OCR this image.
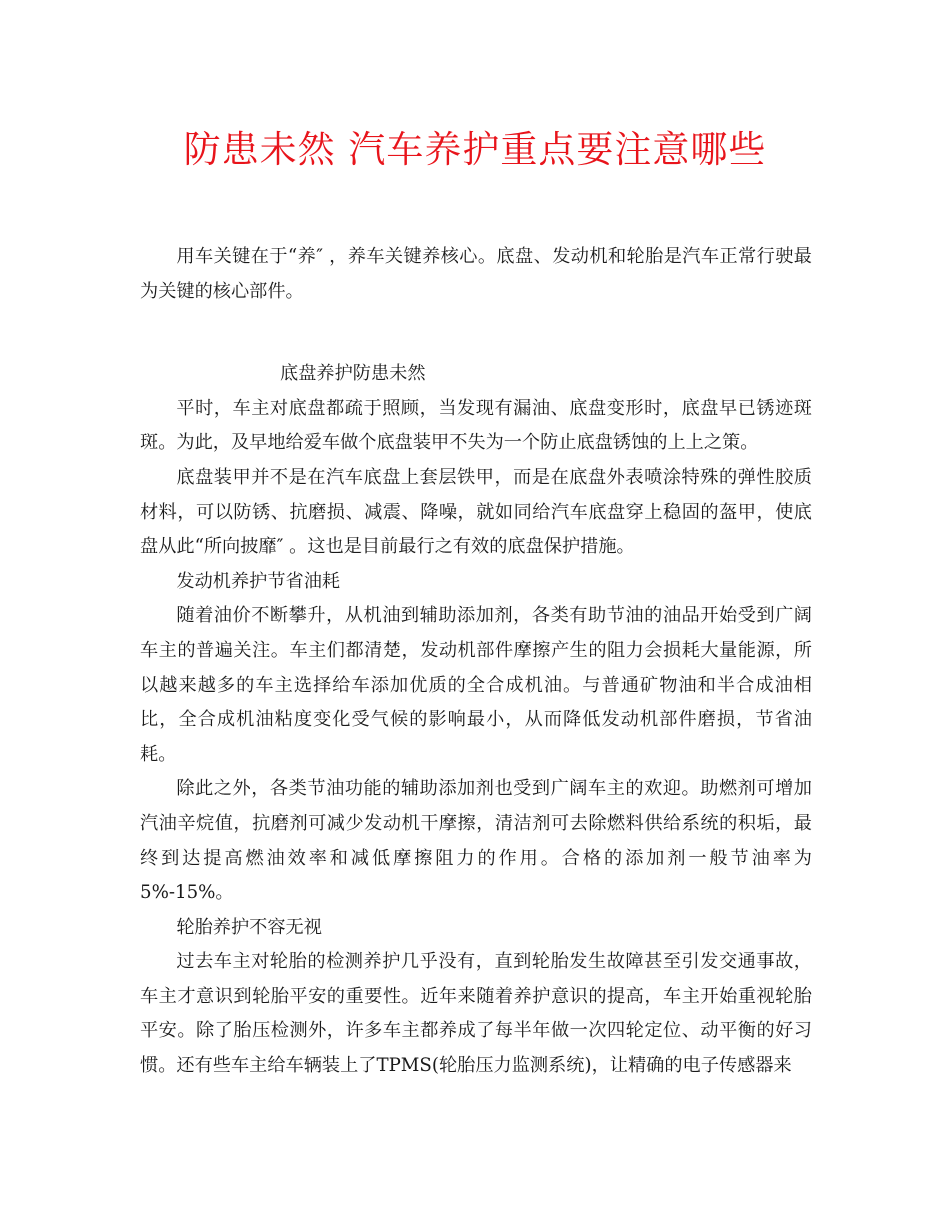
防患未然 汽车养护重点要注意哪些

用车关键在于“养″ ，养车关键养核心。底盘、发动机和轮胎是汽车正常行驶最为关键的核心部件。

底盘养护防患未然

平时，车主对底盘都疏于照顾，当发现有漏油、底盘变形时，底盘早已锈迹斑斑。为此，及早地给爱车做个底盘装甲不失为一个防止底盘锈蚀的上上之策。

底盘装甲并不是在汽车底盘上套层铁甲，而是在底盘外表喷涂特殊的弹性胶质材料，可以防锈、抗磨损、减震、降噪，就如同给汽车底盘穿上稳固的盔甲，使底盘从此“所向披靡″ 。这也是目前最行之有效的底盘保护措施。

发动机养护节省油耗

随着油价不断攀升，从机油到辅助添加剂，各类有助节油的油品开始受到广阔车主的普遍关注。车主们都清楚，发动机部件摩擦产生的阻力会损耗大量能源，所以越来越多的车主选择给车添加优质的全合成机油。与普通矿物油和半合成油相比，全合成机油粘度变化受气候的影响最小，从而降低发动机部件磨损，节省油耗。

除此之外，各类节油功能的辅助添加剂也受到广阔车主的欢迎。助燃剂可增加汽油辛烷值，抗磨剂可减少发动机干摩擦，清洁剂可去除燃料供给系统的积垢，最终到达提高燃油效率和减低摩擦阻力的作用。合格的添加剂一般节油率为5%-15%。

轮胎养护不容无视

过去车主对轮胎的检测养护几乎没有，直到轮胎发生故障甚至引发交通事故，车主才意识到轮胎平安的重要性。近年来随着养护意识的提高，车主开始重视轮胎平安。除了胎压检测外，许多车主都养成了每半年做一次四轮定位、动平衡的好习惯。还有些车主给车辆装上了TPMS(轮胎压力监测系统)，让精确的电子传感器来
